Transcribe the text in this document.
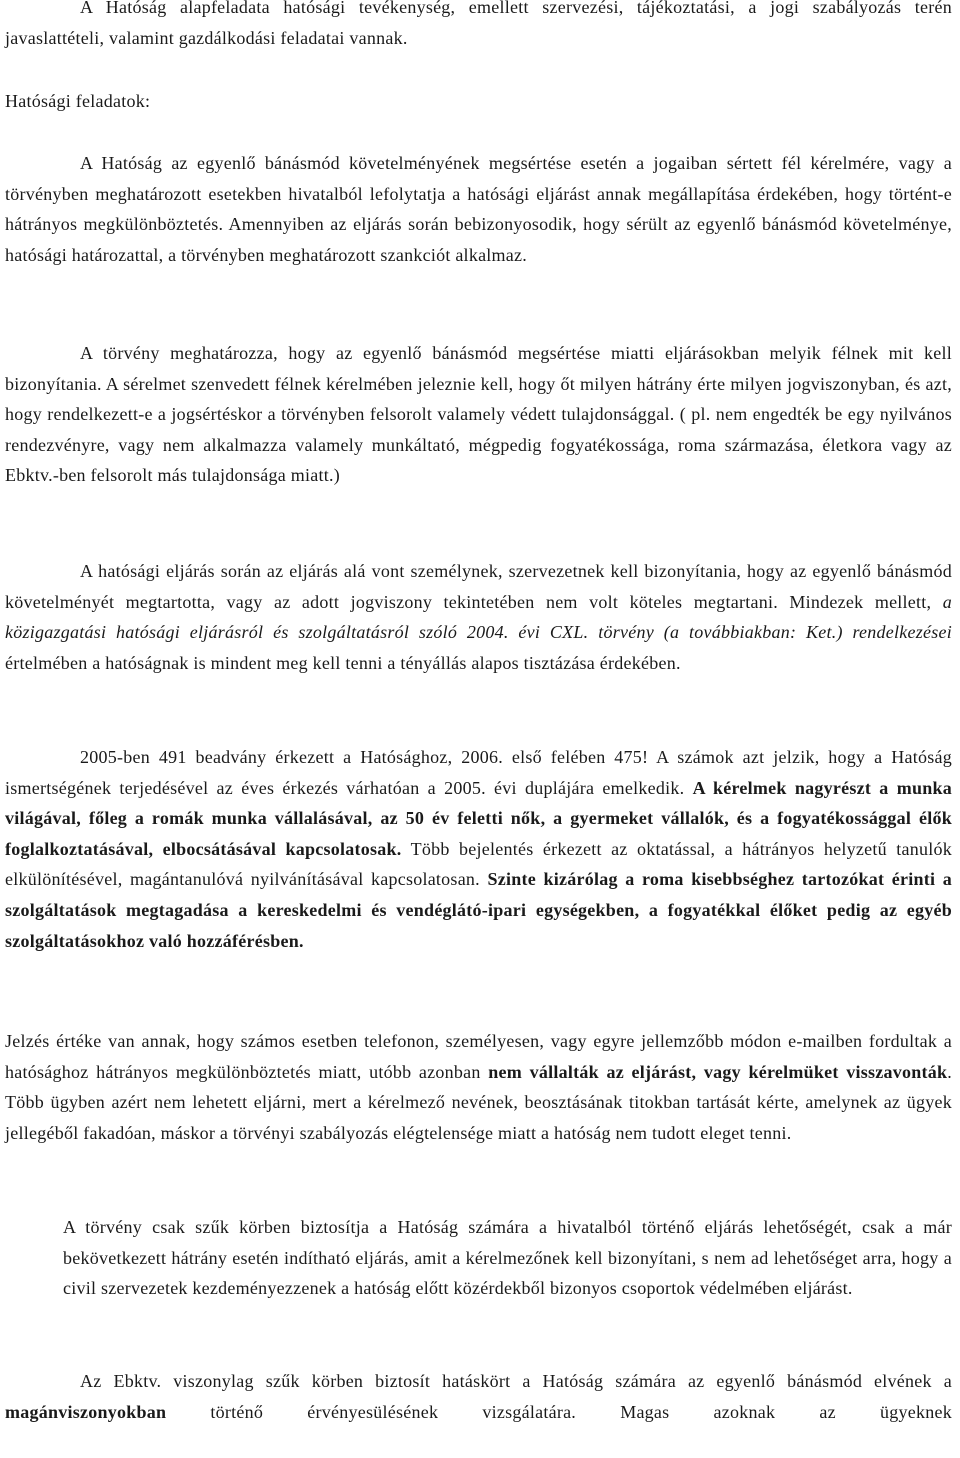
A Hatóság alapfeladata hatósági tevékenység, emellett szervezési, tájékoztatási, a jogi szabályozás terén javaslattételi, valamint gazdálkodási feladatai vannak.

Hatósági feladatok:

A Hatóság az egyenlő bánásmód követelményének megsértése esetén a jogaiban sértett fél kérelmére, vagy a törvényben meghatározott esetekben hivatalból lefolytatja a hatósági eljárást annak megállapítása érdekében, hogy történt-e hátrányos megkülönböztetés. Amennyiben az eljárás során bebizonyosodik, hogy sérült az egyenlő bánásmód követelménye, hatósági határozattal, a törvényben meghatározott szankciót alkalmaz.

A törvény meghatározza, hogy az egyenlő bánásmód megsértése miatti eljárásokban melyik félnek mit kell bizonyítania. A sérelmet szenvedett félnek kérelmében jeleznie kell, hogy őt milyen hátrány érte milyen jogviszonyban, és azt, hogy rendelkezett-e a jogsértéskor a törvényben felsorolt valamely védett tulajdonsággal. ( pl. nem engedték be egy nyilvános rendezvényre, vagy nem alkalmazza valamely munkáltató, mégpedig fogyatékossága, roma származása, életkora vagy az Ebktv.-ben felsorolt más tulajdonsága miatt.)

A hatósági eljárás során az eljárás alá vont személynek, szervezetnek kell bizonyítania, hogy az egyenlő bánásmód követelményét megtartotta, vagy az adott jogviszony tekintetében nem volt köteles megtartani. Mindezek mellett, a közigazgatási hatósági eljárásról és szolgáltatásról szóló 2004. évi CXL. törvény (a továbbiakban: Ket.) rendelkezései értelmében a hatóságnak is mindent meg kell tenni a tényállás alapos tisztázása érdekében.

2005-ben 491 beadvány érkezett a Hatósághoz, 2006. első felében 475! A számok azt jelzik, hogy a Hatóság ismertségének terjedésével az éves érkezés várhatóan a 2005. évi duplájára emelkedik. A kérelmek nagyrészt a munka világával, főleg a romák munka vállalásával, az 50 év feletti nők, a gyermeket vállalók, és a fogyatékossággal élők foglalkoztatásával, elbocsátásával kapcsolatosak. Több bejelentés érkezett az oktatással, a hátrányos helyzetű tanulók elkülönítésével, magántanulóvá nyilvánításával kapcsolatosan. Szinte kizárólag a roma kisebbséghez tartozókat érinti a szolgáltatások megtagadása a kereskedelmi és vendéglátó-ipari egységekben, a fogyatékkal élőket pedig az egyéb szolgáltatásokhoz való hozzáférésben.

Jelzés értéke van annak, hogy számos esetben telefonon, személyesen, vagy egyre jellemzőbb módon e-mailben fordultak a hatósághoz hátrányos megkülönböztetés miatt, utóbb azonban nem vállalták az eljárást, vagy kérelmüket visszavonták. Több ügyben azért nem lehetett eljárni, mert a kérelmező nevének, beosztásának titokban tartását kérte, amelynek az ügyek jellegéből fakadóan, máskor a törvényi szabályozás elégtelensége miatt a hatóság nem tudott eleget tenni.

A törvény csak szűk körben biztosítja a Hatóság számára a hivatalból történő eljárás lehetőségét, csak a már bekövetkezett hátrány esetén indítható eljárás, amit a kérelmezőnek kell bizonyítani, s nem ad lehetőséget arra, hogy a civil szervezetek kezdeményezzenek a hatóság előtt közérdekből bizonyos csoportok védelmében eljárást.

Az Ebktv. viszonylag szűk körben biztosít hatáskört a Hatóság számára az egyenlő bánásmód elvének a magánviszonyokban történő érvényesülésének vizsgálatára. Magas azoknak az ügyeknek
